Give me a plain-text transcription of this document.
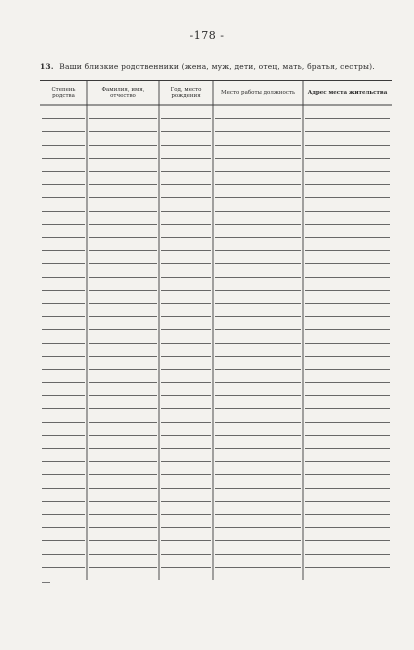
-178 -
13. Ваши близкие родственники (жена, муж, дети, отец, мать, братья, сестры).
Степень
родства
Фамилия, имя,
отчество
Год, место
рождения
Место работы должность	Адрес места жительства
